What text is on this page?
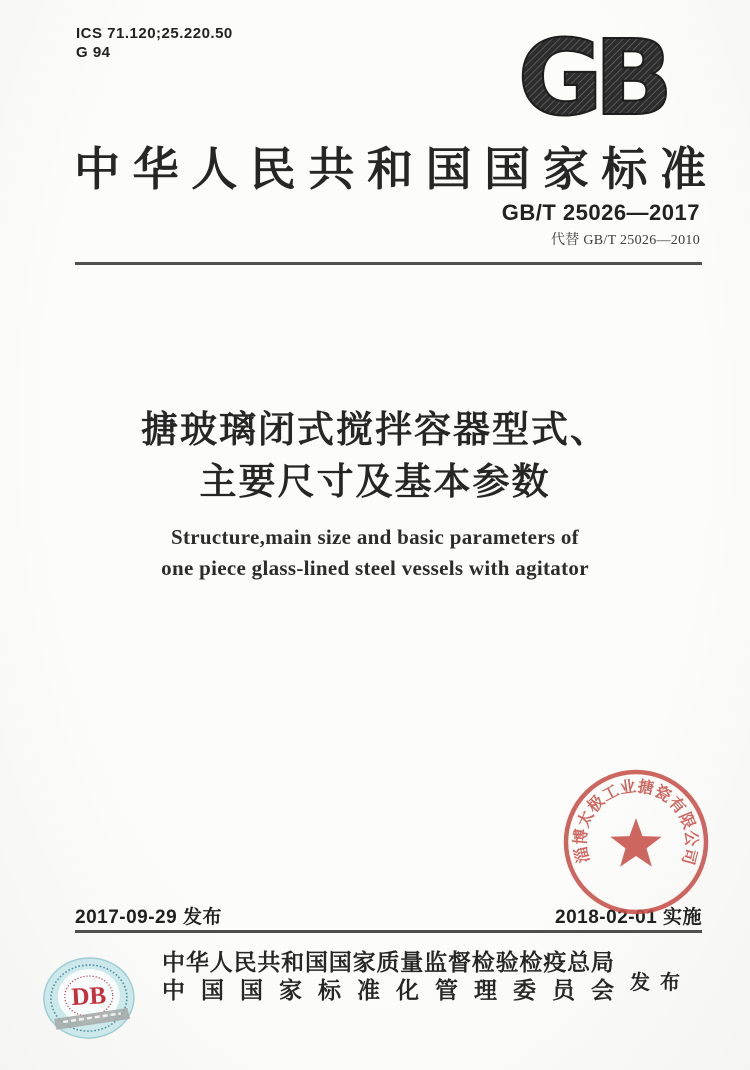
ICS 71.120;25.220.50
G 94	GB
中 华 人 民 共 和 国 国 家 标 准
GB/T 25026—2017
代替 GB/T 25026—2010
搪玻璃闭式搅拌容器型式、
主要尺寸及基本参数
Structure,main size and basic parameters of
one piece glass-lined steel vessels with agitator
2017-09-29 发布	2018-02-01 实施
淄博太极工业搪瓷有限公司
中 华 人 民 共 和 国 国 家 质 量 监 督 检 验 检 疫 总 局
中 国 国 家 标 准 化 管 理 委 员 会 发 布
DB
